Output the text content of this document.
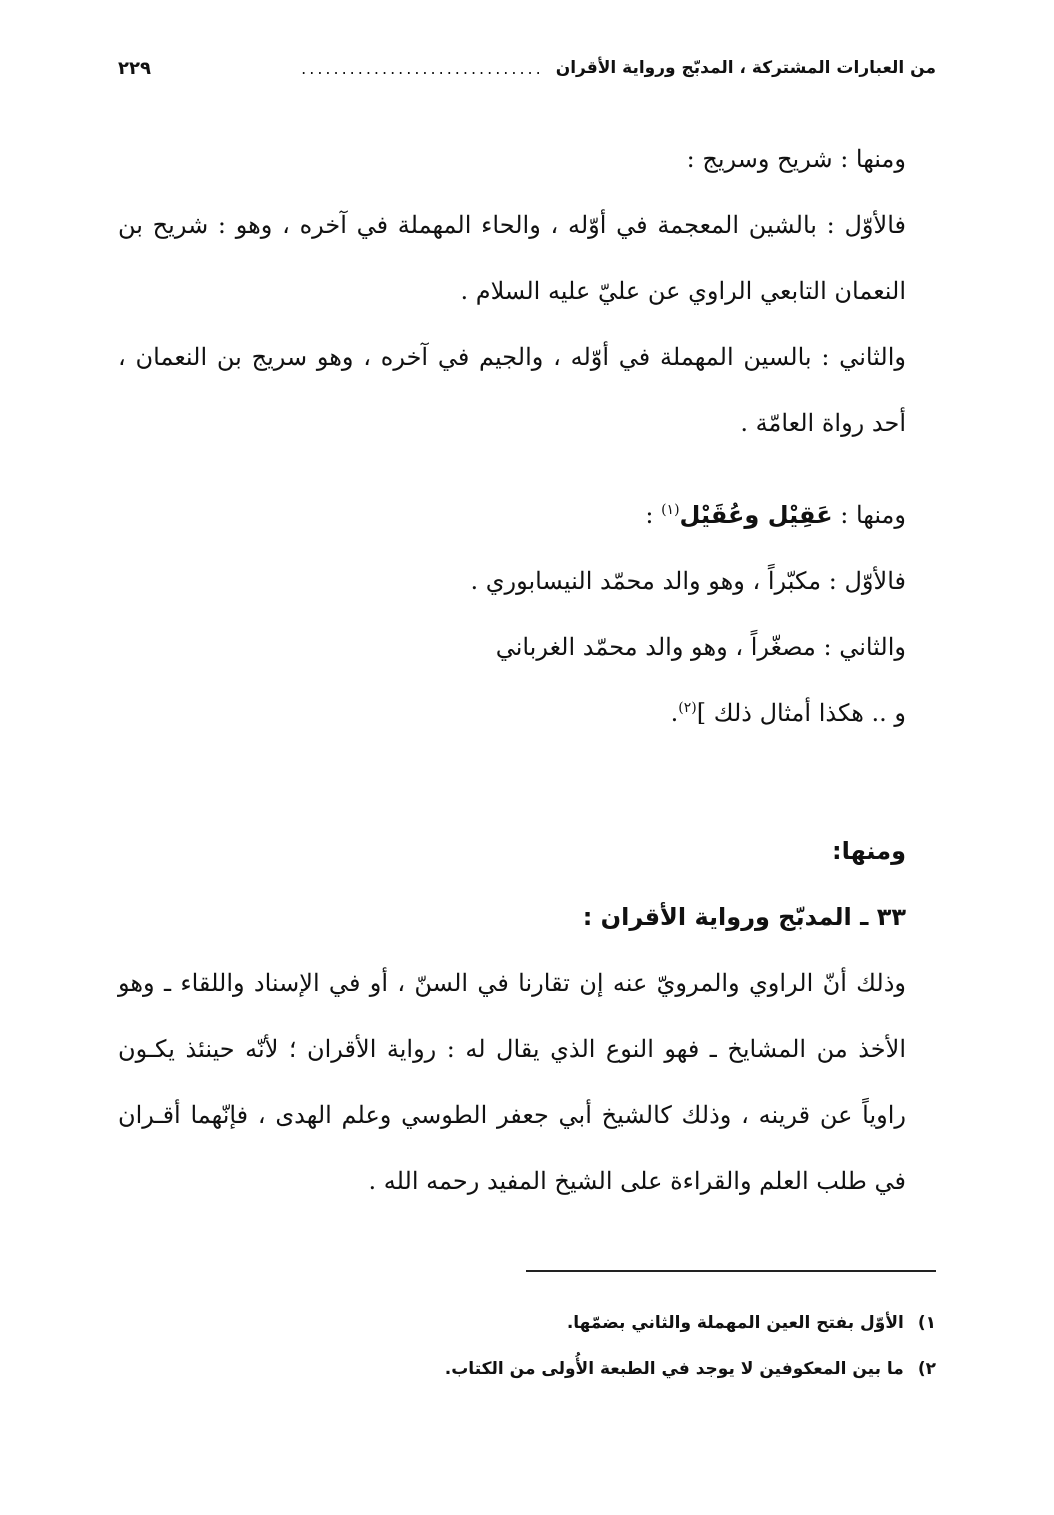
من العبارات المشتركة ، المدبّج ورواية الأقران
..............................
٢٢٩

ومنها : شريح وسريج :

فالأوّل : بالشين المعجمة في أوّله ، والحاء المهملة في آخره ، وهو : شريح بن النعمان التابعي الراوي عن عليّ عليه السلام .

والثاني : بالسين المهملة في أوّله ، والجيم في آخره ، وهو سريج بن النعمان ، أحد رواة العامّة .

ومنها : عَقِيْل وعُقَيْل$^{(١)}$ :

فالأوّل : مكبّراً ، وهو والد محمّد النيسابوري .

والثاني : مصغّراً ، وهو والد محمّد الغرباني

و .. هكذا أمثال ذلك ]$^{(٢)}$.

ومنها:

٣٣ ـ المدبّج ورواية الأقران :

وذلك أنّ الراوي والمرويّ عنه إن تقارنا في السنّ ، أو في الإسناد واللقاء ـ وهو الأخذ من المشايخ ـ فهو النوع الذي يقال له : رواية الأقران ؛ لأنّه حينئذ يكـون راوياً عن قرينه ، وذلك كالشيخ أبي جعفر الطوسي وعلم الهدى ، فإنّهما أقـران في طلب العلم والقراءة على الشيخ المفيد رحمه الله .

١)الأوّل بفتح العين المهملة والثاني بضمّها.
٢)ما بين المعكوفين لا يوجد في الطبعة الأُولى من الكتاب.
